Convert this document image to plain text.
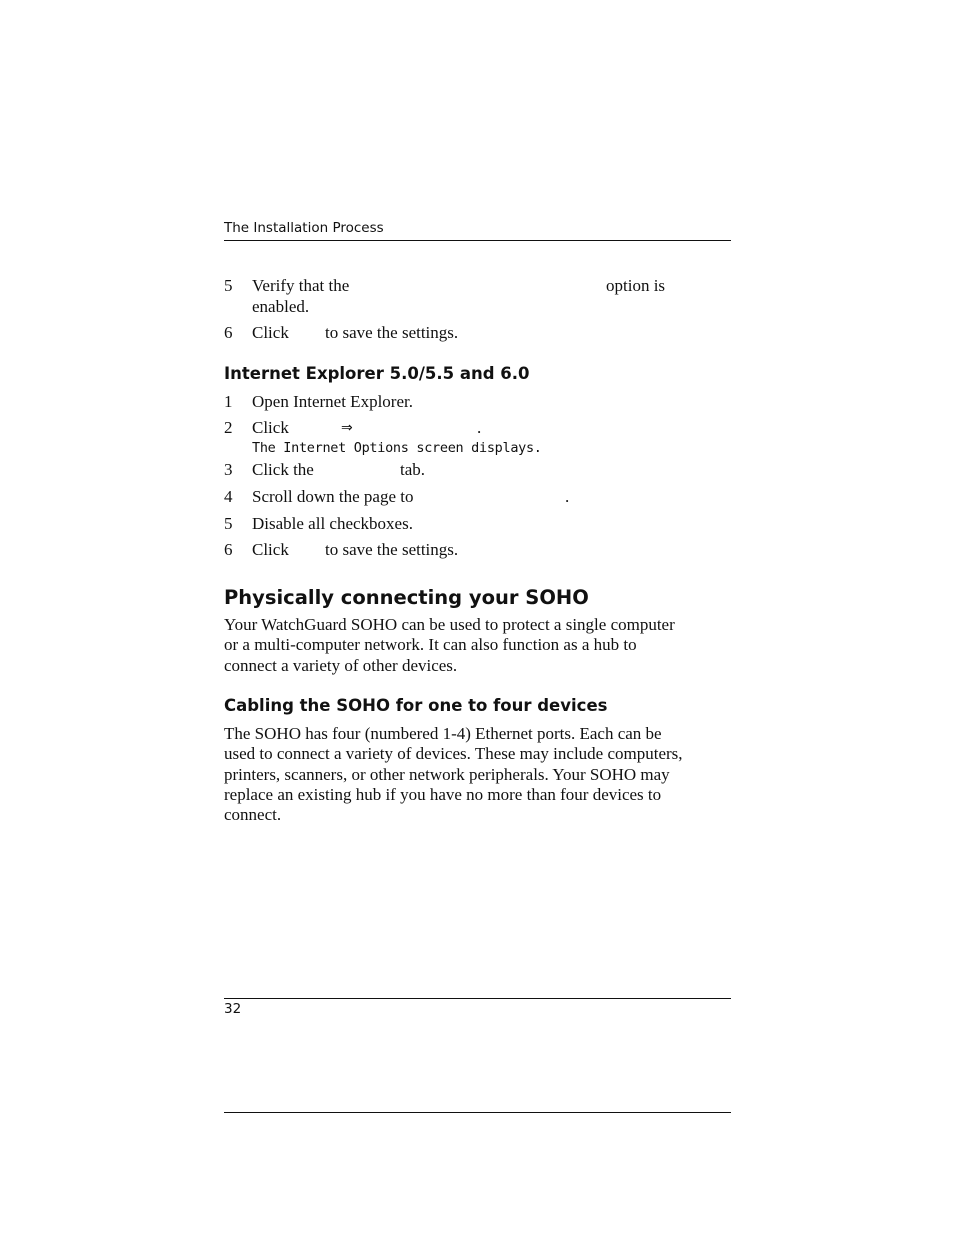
The Installation Process
5 Verify that the	option is
enabled.
6 Click to save the settings.
Internet Explorer 5.0/5.5 and 6.0
1 Open Internet Explorer.
2 Click	⇒	.
The Internet Options screen displays.
3 Click the	tab.
4 Scroll down the page to	.
5 Disable all checkboxes.
6 Click to save the settings.
Physically connecting your SOHO
Your WatchGuard SOHO can be used to protect a single computer
or a multi-computer network. It can also function as a hub to
connect a variety of other devices.
Cabling the SOHO for one to four devices
The SOHO has four (numbered 1-4) Ethernet ports. Each can be
used to connect a variety of devices. These may include computers,
printers, scanners, or other network peripherals. Your SOHO may
replace an existing hub if you have no more than four devices to
connect.
32
